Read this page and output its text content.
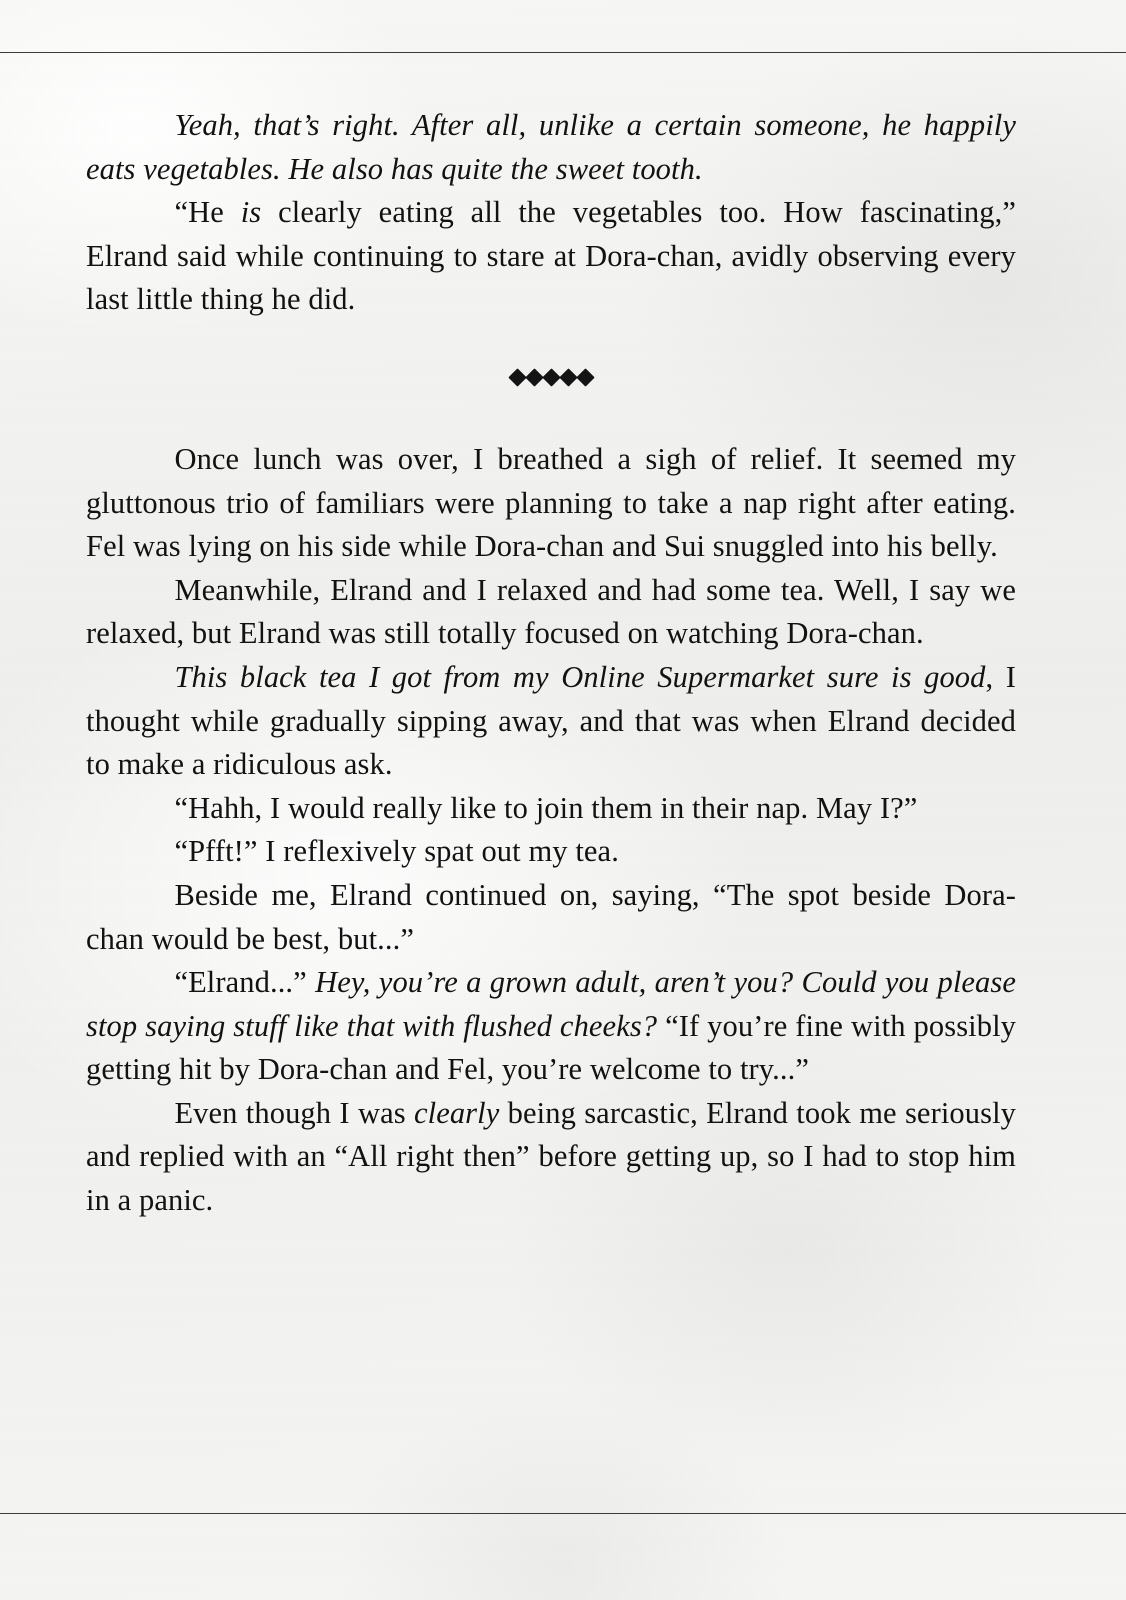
Yeah, that’s right. After all, unlike a certain someone, he happily eats vegetables. He also has quite the sweet tooth.

“He is clearly eating all the vegetables too. How fascinating,” Elrand said while continuing to stare at Dora-chan, avidly observing every last little thing he did.

Once lunch was over, I breathed a sigh of relief. It seemed my gluttonous trio of familiars were planning to take a nap right after eating. Fel was lying on his side while Dora-chan and Sui snuggled into his belly.

Meanwhile, Elrand and I relaxed and had some tea. Well, I say we relaxed, but Elrand was still totally focused on watching Dora-chan.

This black tea I got from my Online Supermarket sure is good, I thought while gradually sipping away, and that was when Elrand decided to make a ridiculous ask.

“Hahh, I would really like to join them in their nap. May I?”

“Pfft!” I reflexively spat out my tea.

Beside me, Elrand continued on, saying, “The spot beside Dora-chan would be best, but...”

“Elrand...” Hey, you’re a grown adult, aren’t you? Could you please stop saying stuff like that with flushed cheeks? “If you’re fine with possibly getting hit by Dora-chan and Fel, you’re welcome to try...”

Even though I was clearly being sarcastic, Elrand took me seriously and replied with an “All right then” before getting up, so I had to stop him in a panic.
